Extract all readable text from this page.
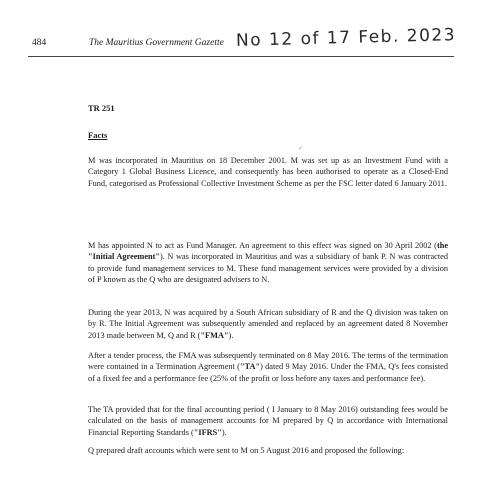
484	The Mauritius Government Gazette No 12 of 17 Feb. 2023
TR 251
Facts
✓

M was incorporated in Mauritius on 18 December 2001. M was set up as an Investment Fund with a Category 1 Global Business Licence, and consequently has been authorised to operate as a Closed-End Fund, categorised as Professional Collective Investment Scheme as per the FSC letter dated 6 January 2011.

M has appointed N to act as Fund Manager. An agreement to this effect was signed on 30 April 2002 (the "Initial Agreement"). N was incorporated in Mauritius and was a subsidiary of bank P. N was contracted to provide fund management services to M. These fund management services were provided by a division of P known as the Q who are designated advisers to N.

During the year 2013, N was acquired by a South African subsidiary of R and the Q division was taken on by R. The Initial Agreement was subsequently amended and replaced by an agreement dated 8 November 2013 made between M, Q and R ("FMA").

After a tender process, the FMA was subsequently terminated on 8 May 2016. The terms of the termination were contained in a Termination Agreement ("TA") dated 9 May 2016. Under the FMA, Q's fees consisted of a fixed fee and a performance fee (25% of the profit or loss before any taxes and performance fee).

The TA provided that for the final accounting period ( I January to 8 May 2016) outstanding fees would be calculated on the basis of management accounts for M prepared by Q in accordance with International Financial Reporting Standards ("IFRS").

Q prepared draft accounts which were sent to M on 5 August 2016 and proposed the following:
